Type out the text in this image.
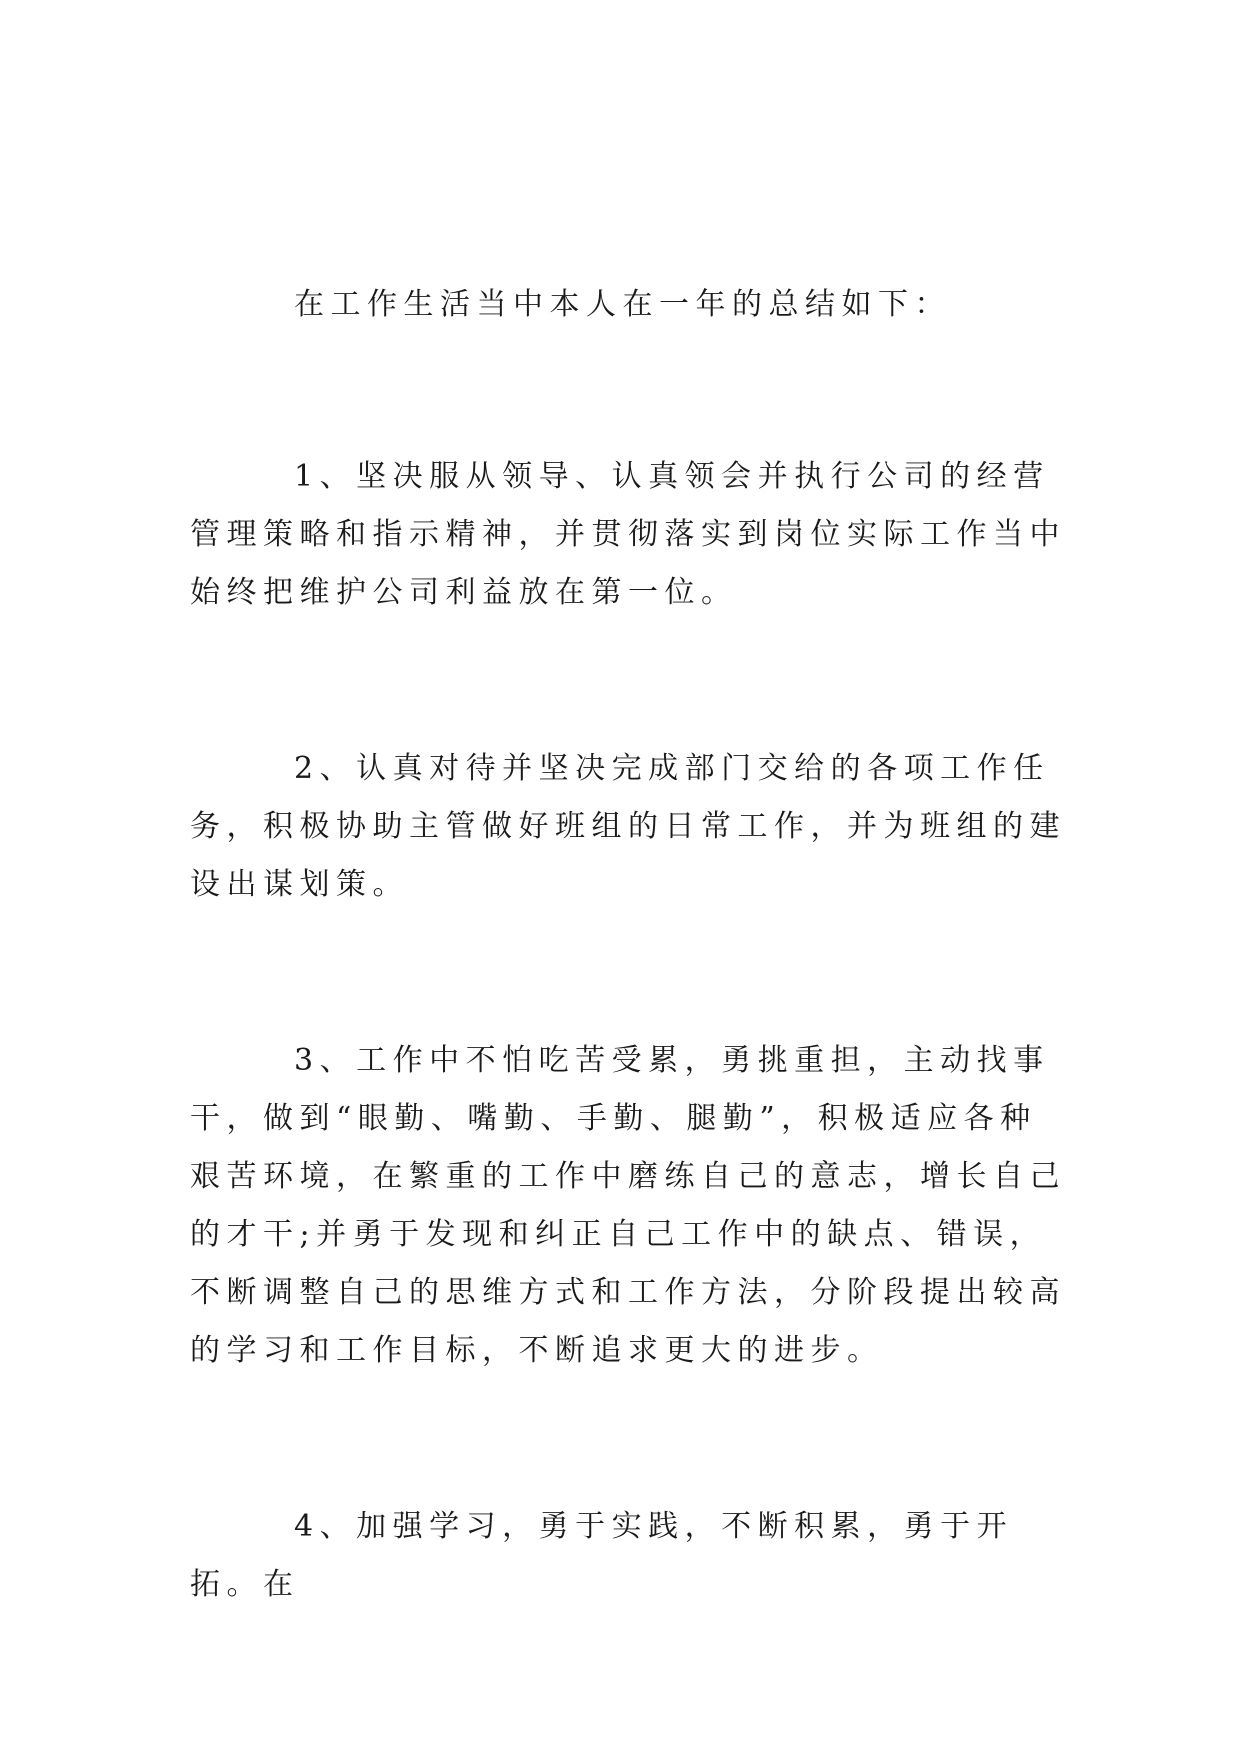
在工作生活当中本人在一年的总结如下：

1、坚决服从领导、认真领会并执行公司的经营管理策略和指示精神，并贯彻落实到岗位实际工作当中始终把维护公司利益放在第一位。

2、认真对待并坚决完成部门交给的各项工作任务，积极协助主管做好班组的日常工作，并为班组的建设出谋划策。

3、工作中不怕吃苦受累，勇挑重担，主动找事干，做到“眼勤、嘴勤、手勤、腿勤”，积极适应各种艰苦环境，在繁重的工作中磨练自己的意志，增长自己的才干;并勇于发现和纠正自己工作中的缺点、错误，不断调整自己的思维方式和工作方法，分阶段提出较高的学习和工作目标，不断追求更大的进步。

4、加强学习，勇于实践，不断积累，勇于开拓。在
